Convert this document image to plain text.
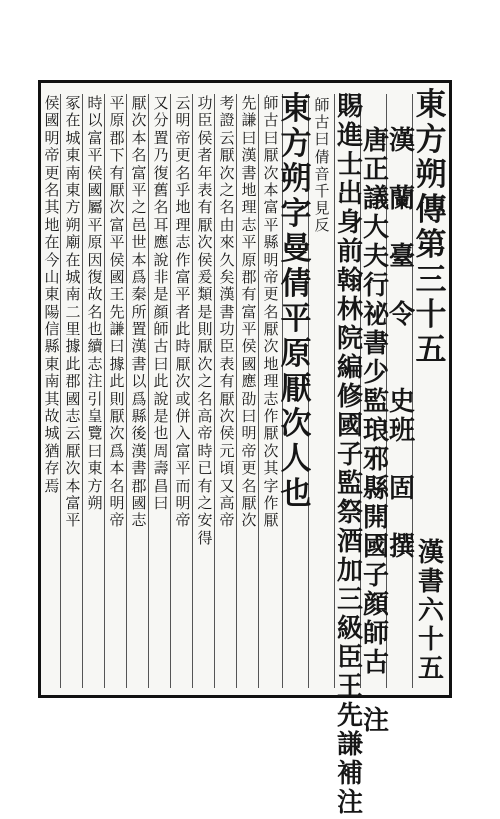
東
方
朔
傳
第
三
十
五
漢
書
六
十
五
漢

蘭

臺

令

史
班

固

撰
唐
正
議
大
夫
行
祕
書
少
監
琅
邪
縣
開
國
子
顔
師
古

注
賜
進
士
出
身
前
翰
林
院
編
修
國
子
監
祭
酒
加
三
級
臣
王
先
謙
補
注
東
方
朔
字
曼
倩
平
原
厭
次
人
也
師
古
曰
倩
音
千
見
反
師
古
曰
厭
次
本
富
平
縣
明
帝
更
名
厭
次
地
理
志
作
厭
次
其
字
作
厭
先
謙
曰
漢
書
地
理
志
平
原
郡
有
富
平
侯
國
應
劭
曰
明
帝
更
名
厭
次
考
證
云
厭
次
之
名
由
來
久
矣
漢
書
功
臣
表
有
厭
次
侯
元
頃
又
高
帝
功
臣
侯
者
年
表
有
厭
次
侯
爰
類
是
則
厭
次
之
名
高
帝
時
已
有
之
安
得
云
明
帝
更
名
乎
地
理
志
作
富
平
者
此
時
厭
次
或
併
入
富
平
而
明
帝
又
分
置
乃
復
舊
名
耳
應
說
非
是
顔
師
古
曰
此
說
是
也
周
壽
昌
曰
厭
次
本
名
富
平
之
邑
世
本
爲
秦
所
置
漢
書
以
爲
縣
後
漢
書
郡
國
志
平
原
郡
下
有
厭
次
富
平
侯
國
王
先
謙
曰
據
此
則
厭
次
爲
本
名
明
帝
時
以
富
平
侯
國
屬
平
原
因
復
故
名
也
續
志
注
引
皇
覽
曰
東
方
朔
冢
在
城
東
南
東
方
朔
廟
在
城
南
二
里
據
此
郡
國
志
云
厭
次
本
富
平
侯
國
明
帝
更
名
其
地
在
今
山
東
陽
信
縣
東
南
其
故
城
猶
存
焉
